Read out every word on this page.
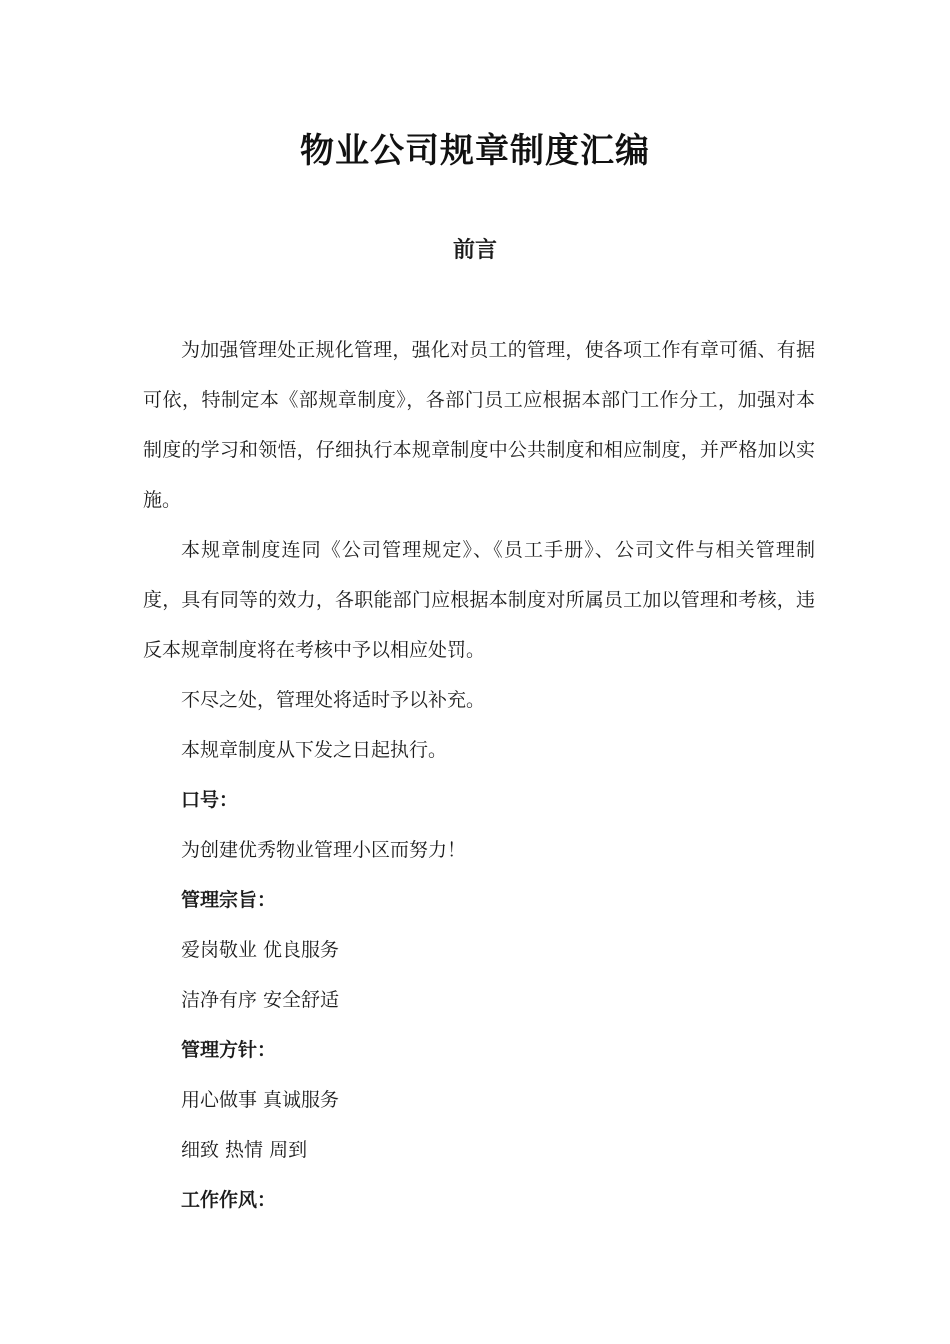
物业公司规章制度汇编
前言

为加强管理处正规化管理，强化对员工的管理，使各项工作有章可循、有据可依，特制定本《部规章制度》，各部门员工应根据本部门工作分工，加强对本制度的学习和领悟，仔细执行本规章制度中公共制度和相应制度，并严格加以实施。

本规章制度连同《公司管理规定》、《员工手册》、公司文件与相关管理制度，具有同等的效力，各职能部门应根据本制度对所属员工加以管理和考核，违反本规章制度将在考核中予以相应处罚。

不尽之处，管理处将适时予以补充。

本规章制度从下发之日起执行。

口号：

为创建优秀物业管理小区而努力！

管理宗旨：

爱岗敬业 优良服务

洁净有序 安全舒适

管理方针：

用心做事 真诚服务

细致 热情 周到

工作作风：
